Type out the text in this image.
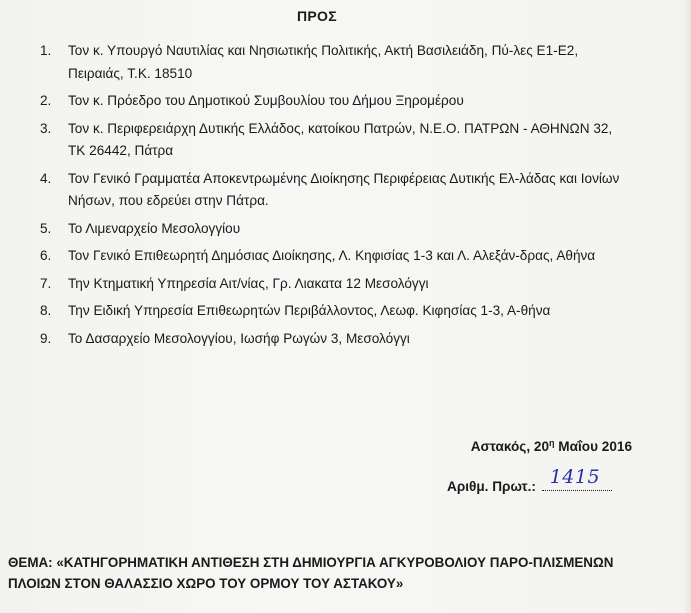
ΠΡΟΣ
1. Τον κ. Υπουργό Ναυτιλίας και Νησιωτικής Πολιτικής, Ακτή Βασιλειάδη, Πύ-λες Ε1-Ε2, Πειραιάς, Τ.Κ. 18510
2. Τον κ. Πρόεδρο του Δημοτικού Συμβουλίου του Δήμου Ξηρομέρου
3. Τον κ. Περιφερειάρχη Δυτικής Ελλάδος, κατοίκου Πατρών, Ν.Ε.Ο. ΠΑΤΡΩΝ - ΑΘΗΝΩΝ 32, ΤΚ 26442, Πάτρα
4. Τον Γενικό Γραμματέα Αποκεντρωμένης Διοίκησης Περιφέρειας Δυτικής Ελ-λάδας και Ιονίων Νήσων, που εδρεύει στην Πάτρα.
5. Το Λιμεναρχείο Μεσολογγίου
6. Τον Γενικό Επιθεωρητή Δημόσιας Διοίκησης, Λ. Κηφισίας 1-3 και Λ. Αλεξάν-δρας, Αθήνα
7. Την Κτηματική Υπηρεσία Αιτ/νίας, Γρ. Λιακατα 12 Μεσολόγγι
8. Την Ειδική Υπηρεσία Επιθεωρητών Περιβάλλοντος, Λεωφ. Κιφησίας 1-3, Α-θήνα
9. Το Δασαρχείο Μεσολογγίου, Ιωσήφ Ρωγών 3, Μεσολόγγι
Αστακός, $20^\eta$ Μαΐου 2016
Αριθμ. Πρωτ.: 1415
ΘΕΜΑ: «ΚΑΤΗΓΟΡΗΜΑΤΙΚΗ ΑΝΤΙΘΕΣΗ ΣΤΗ ΔΗΜΙΟΥΡΓΙΑ ΑΓΚΥΡΟΒΟΛΙΟΥ ΠΑΡΟ-ΠΛΙΣΜΕΝΩΝ ΠΛΟΙΩΝ ΣΤΟΝ ΘΑΛΑΣΣΙΟ ΧΩΡΟ ΤΟΥ ΟΡΜΟΥ ΤΟΥ ΑΣΤΑΚΟΥ»
